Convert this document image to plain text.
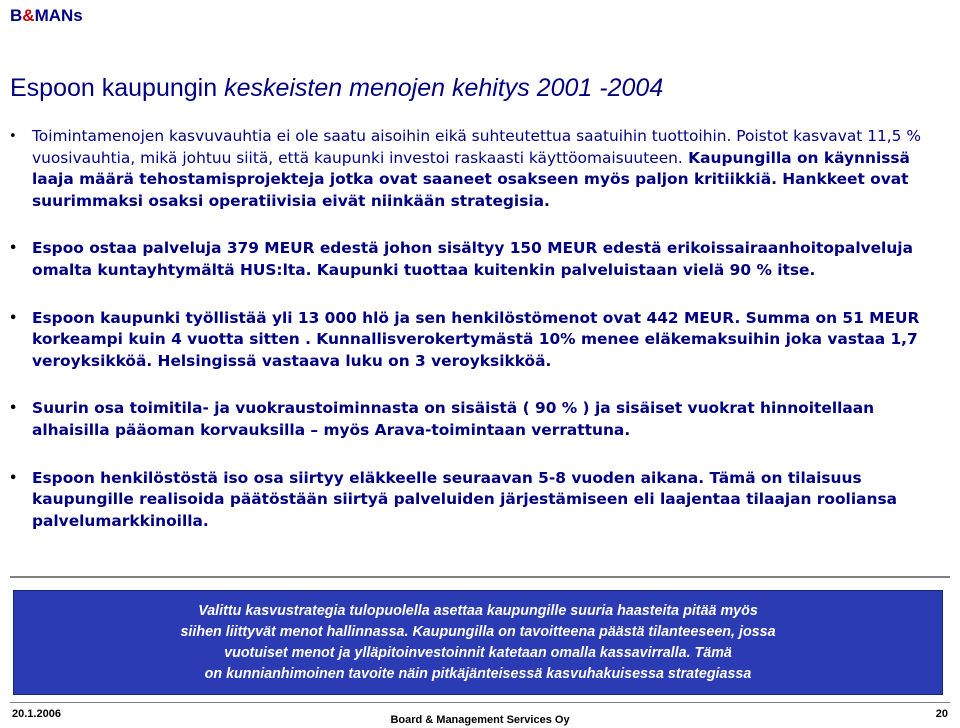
B&MANs
Espoon kaupungin keskeisten menojen kehitys 2001 -2004
• Toimintamenojen kasvuvauhtia ei ole saatu aisoihin eikä suhteutettua saatuihin tuottoihin. Poistot kasvavat 11,5 % vuosivauhtia, mikä johtuu siitä, että kaupunki investoi raskaasti käyttöomaisuuteen. Kaupungilla on käynnissä laaja määrä tehostamisprojekteja jotka ovat saaneet osakseen myös paljon kritiikkiä. Hankkeet ovat suurimmaksi osaksi operatiivisia eivät niinkään strategisia.
• Espoo ostaa palveluja 379 MEUR edestä johon sisältyy 150 MEUR edestä erikoissairaanhoitopalveluja omalta kuntayhtymältä HUS:lta. Kaupunki tuottaa kuitenkin palveluistaan vielä 90 % itse.
• Espoon kaupunki työllistää yli 13 000 hlö ja sen henkilöstömenot ovat 442 MEUR. Summa on 51 MEUR korkeampi kuin 4 vuotta sitten . Kunnallisverokertymästä 10% menee eläkemaksuihin joka vastaa 1,7 veroyksikköä. Helsingissä vastaava luku on 3 veroyksikköä.
• Suurin osa toimitila- ja vuokraustoiminnasta on sisäistä ( 90 % ) ja sisäiset vuokrat hinnoitellaan alhaisilla pääoman korvauksilla – myös Arava-toimintaan verrattuna.
• Espoon henkilöstöstä iso osa siirtyy eläkkeelle seuraavan 5-8 vuoden aikana. Tämä on tilaisuus kaupungille realisoida päätöstään siirtyä palveluiden järjestämiseen eli laajentaa tilaajan rooliansa palvelumarkkinoilla.
Valittu kasvustrategia tulopuolella asettaa kaupungille suuria haasteita pitää myös
siihen liittyvät menot hallinnassa. Kaupungilla on tavoitteena päästä tilanteeseen, jossa
vuotuiset menot ja ylläpitoinvestoinnit katetaan omalla kassavirralla. Tämä
on kunnianhimoinen tavoite näin pitkäjänteisessä kasvuhakuisessa strategiassa
20.1.2006	Board & Management Services Oy	20
